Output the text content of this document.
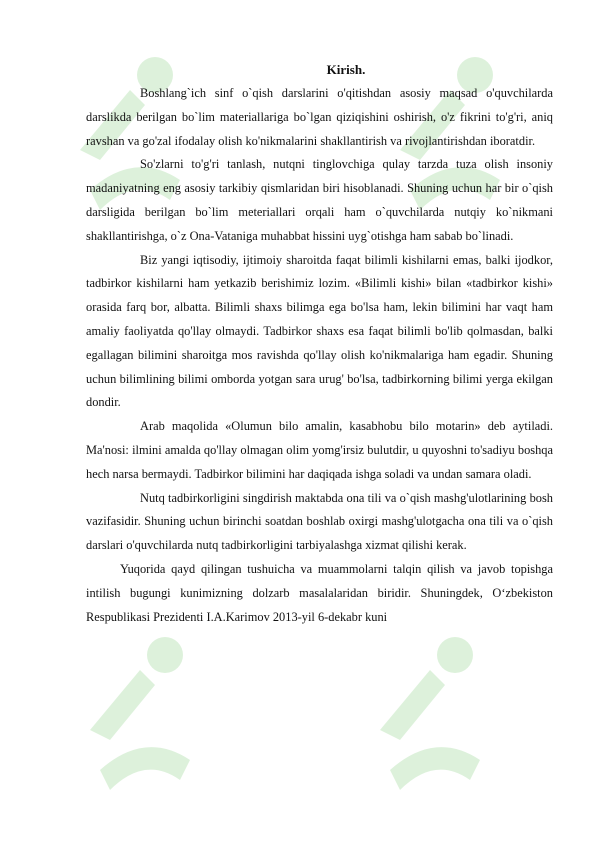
Kirish.

Boshlang`ich sinf o`qish darslarini o'qitishdan asosiy maqsad o'quvchilarda darslikda berilgan bo`lim materiallariga bo`lgan qiziqishini oshirish, o'z fikrini to'g'ri, aniq ravshan va go'zal ifodalay olish ko'nikmalarini shakllantirish va rivojlantirishdan iboratdir.

So'zlarni to'g'ri tanlash, nutqni tinglovchiga qulay tarzda tuza olish insoniy madaniyatning eng asosiy tarkibiy qismlaridan biri hisoblanadi. Shuning uchun har bir o`qish darsligida berilgan bo`lim meteriallari orqali ham o`quvchilarda nutqiy ko`nikmani shakllantirishga, o`z Ona-Vataniga muhabbat hissini uyg`otishga ham sabab bo`linadi.

Biz yangi iqtisodiy, ijtimoiy sharoitda faqat bilimli kishilarni emas, balki ijodkor, tadbirkor kishilarni ham yetkazib berishimiz lozim. «Bilimli kishi» bilan «tadbirkor kishi» orasida farq bor, albatta. Bilimli shaxs bilimga ega bo'lsa ham, lekin bilimini har vaqt ham amaliy faoliyatda qo'llay olmaydi. Tadbirkor shaxs esa faqat bilimli bo'lib qolmasdan, balki egallagan bilimini sharoitga mos ravishda qo'llay olish ko'nikmalariga ham egadir. Shuning uchun bilimlining bilimi omborda yotgan sara urug' bo'lsa, tadbirkorning bilimi yerga ekilgan dondir.

Arab maqolida «Olumun bilo amalin, kasabhobu bilo motarin» deb aytiladi. Ma'nosi: ilmini amalda qo'llay olmagan olim yomg'irsiz bulutdir, u quyoshni to'sadiyu boshqa hech narsa bermaydi. Tadbirkor bilimini har daqiqada ishga soladi va undan samara oladi.

Nutq tadbirkorligini singdirish maktabda ona tili va o`qish mashg'ulotlarining bosh vazifasidir. Shuning uchun birinchi soatdan boshlab oxirgi mashg'ulotgacha ona tili va o`qish darslari o'quvchilarda nutq tadbirkorligini tarbiyalashga xizmat qilishi kerak.

Yuqorida qayd qilingan tushuicha va muammolarni talqin qilish va javob topishga intilish bugungi kunimizning dolzarb masalalaridan biridir. Shuningdek, O‘zbekiston Respublikasi Prezidenti I.A.Karimov 2013-yil 6-dekabr kuni
